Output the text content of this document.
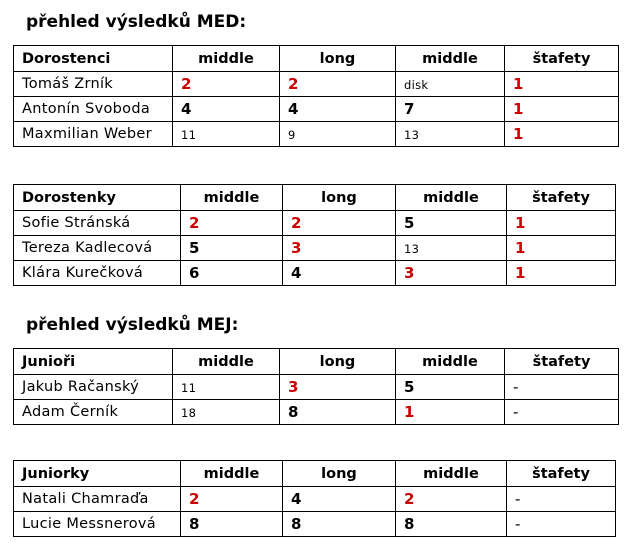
přehled výsledků MED:
Dorostenci	middle	long	middle	štafety
Tomáš Zrník	2	2	disk	1
Antonín Svoboda	4	4	7	1
Maxmilian Weber	11	9	13	1
Dorostenky	middle	long	middle	štafety
Sofie Stránská	2	2	5	1
Tereza Kadlecová	5	3	13	1
Klára Kurečková	6	4	3	1
přehled výsledků MEJ:
Junioři	middle	long	middle	štafety
Jakub Račanský	11	3	5	-
Adam Černík	18	8	1	-
Juniorky	middle	long	middle	štafety
Natali Chamraďa	2	4	2	-
Lucie Messnerová	8	8	8	-
